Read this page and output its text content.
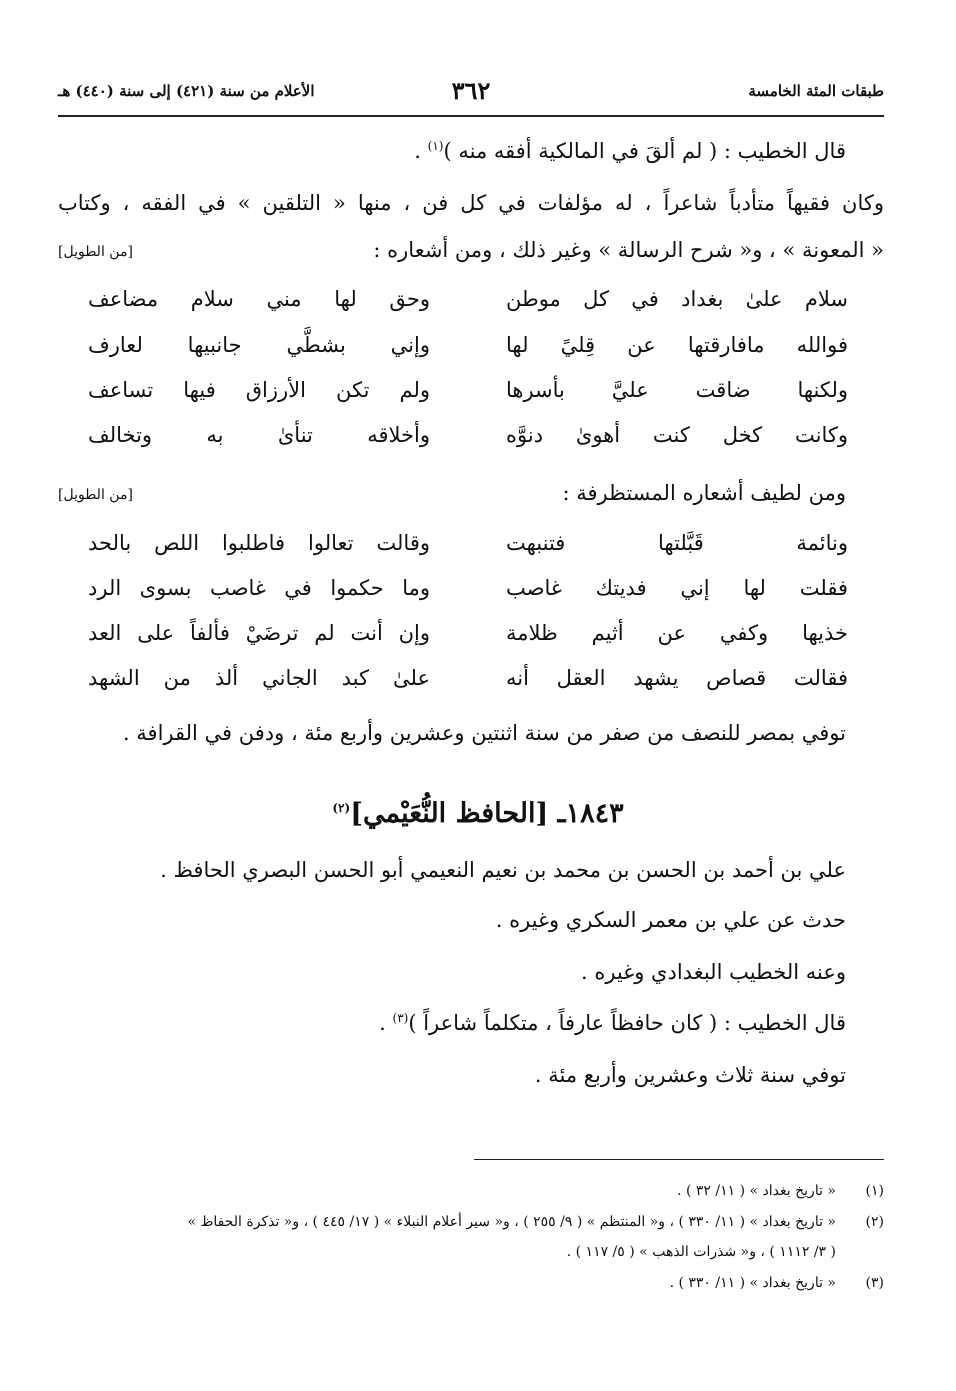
طبقات المئة الخامسة
٣٦٢
الأعلام من سنة (٤٢١) إلى سنة (٤٤٠) هـ
قال الخطيب : ( لم ألقَ في المالكية أفقه منه )$^{(١)}$ .
وكان فقيهاً متأدباً شاعراً ، له مؤلفات في كل فن ، منها « التلقين » في الفقه ، وكتاب
« المعونة » ، و« شرح الرسالة » وغير ذلك ، ومن أشعاره :
[من الطويل]
سلام علىٰ بغداد في كل موطن
وحق لها مني سلام مضاعف
فوالله مافارقتها عن قِليً لها
وإني بشطَّي جانبيها لعارف
ولكنها ضاقت عليَّ بأسرها
ولم تكن الأرزاق فيها تساعف
وكانت كخل كنت أهوىٰ دنوَّه
وأخلاقه تنأىٰ به وتخالف
ومن لطيف أشعاره المستظرفة :
[من الطويل]
ونائمة قَبَّلتها فتنبهت
وقالت تعالوا فاطلبوا اللص بالحد
فقلت لها إني فديتك غاصب
وما حكموا في غاصب بسوى الرد
خذيها وكفي عن أثيم ظلامة
وإن أنت لم ترضَيْ فألفاً على العد
فقالت قصاص يشهد العقل أنه
علىٰ كبد الجاني ألذ من الشهد
توفي بمصر للنصف من صفر من سنة اثنتين وعشرين وأربع مئة ، ودفن في القرافة .
١٨٤٣ـ [الحافظ النُّعَيْمي]$^{(٢)}$
علي بن أحمد بن الحسن بن محمد بن نعيم النعيمي أبو الحسن البصري الحافظ .
حدث عن علي بن معمر السكري وغيره .
وعنه الخطيب البغدادي وغيره .
قال الخطيب : ( كان حافظاً عارفاً ، متكلماً شاعراً )$^{(٣)}$ .
توفي سنة ثلاث وعشرين وأربع مئة .
(١)« تاريخ بغداد » ( ١١/ ٣٢ ) .
(٢)« تاريخ بغداد » ( ١١/ ٣٣٠ ) ، و« المنتظم » ( ٩/ ٢٥٥ ) ، و« سير أعلام النبلاء » ( ١٧/ ٤٤٥ ) ، و« تذكرة الحفاظ »
( ٣/ ١١١٢ ) ، و« شذرات الذهب » ( ٥/ ١١٧ ) .
(٣)« تاريخ بغداد » ( ١١/ ٣٣٠ ) .
